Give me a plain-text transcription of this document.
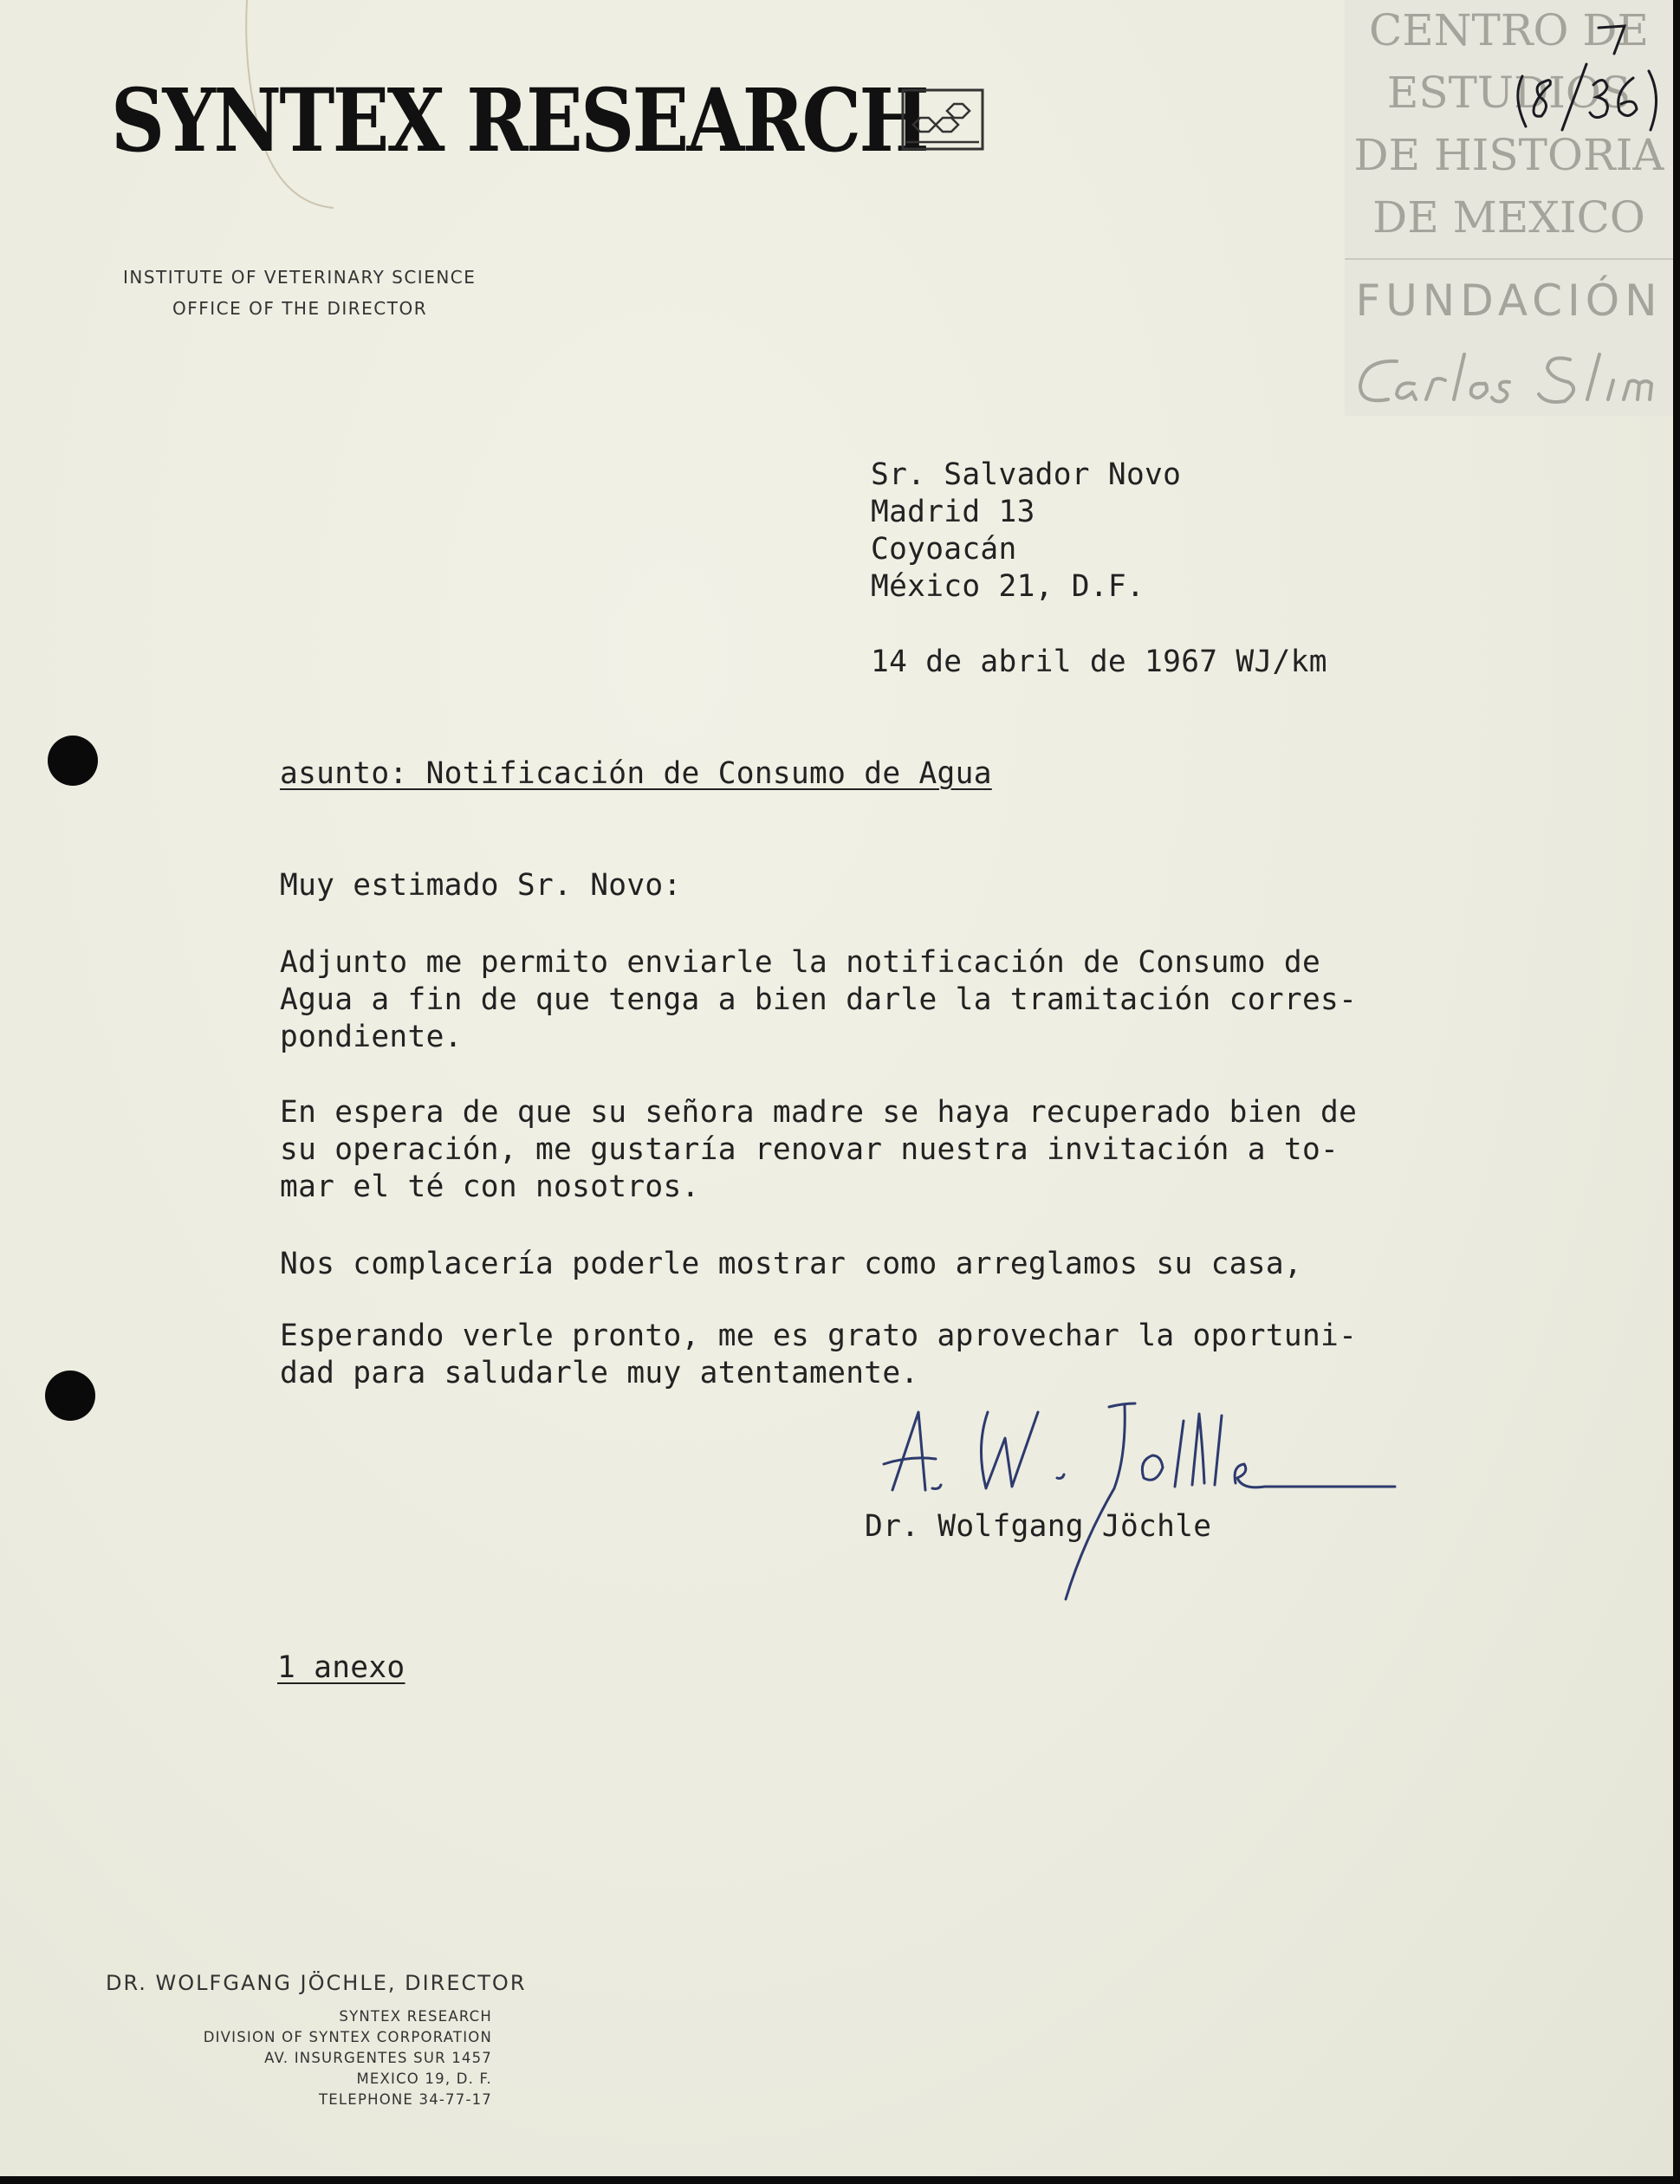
SYNTEX RESEARCH
INSTITUTE OF VETERINARY SCIENCE
OFFICE OF THE DIRECTOR
CENTRO DE
ESTUDIOS
DE HISTORIA
DE MEXICO
FUNDACIÓN
Sr. Salvador Novo
Madrid 13
Coyoacán
México 21, D.F.
14 de abril de 1967 WJ/km
asunto: Notificación de Consumo de Agua
Muy estimado Sr. Novo:
Adjunto me permito enviarle la notificación de Consumo de
Agua a fin de que tenga a bien darle la tramitación corres-
pondiente.
En espera de que su señora madre se haya recuperado bien de
su operación, me gustaría renovar nuestra invitación a to-
mar el té con nosotros.
Nos complacería poderle mostrar como arreglamos su casa,
Esperando verle pronto, me es grato aprovechar la oportuni-
dad para saludarle muy atentamente.
Dr. Wolfgang Jöchle
1 anexo
DR. WOLFGANG JÖCHLE, DIRECTOR
SYNTEX RESEARCH
DIVISION OF SYNTEX CORPORATION
AV. INSURGENTES SUR 1457
MEXICO 19, D. F.
TELEPHONE 34-77-17
